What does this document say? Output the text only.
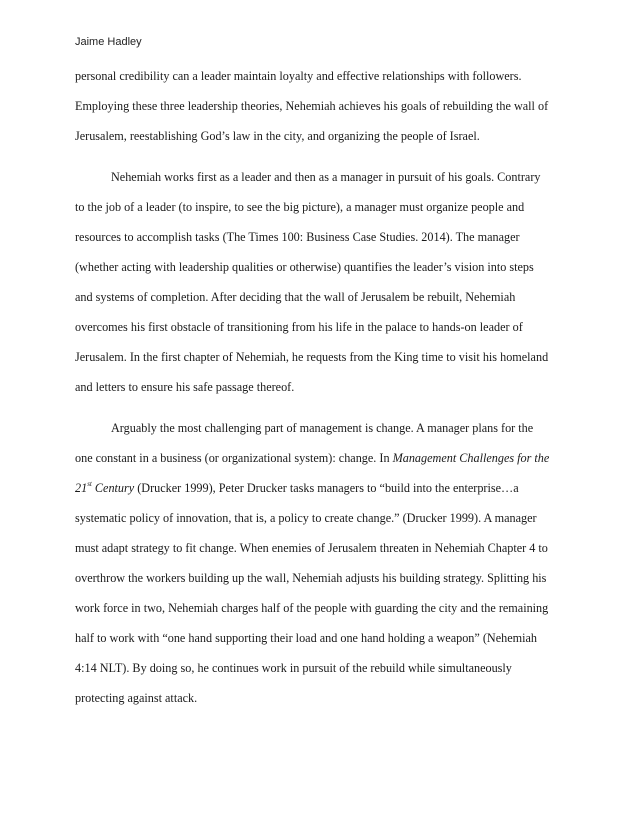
Jaime Hadley
personal credibility can a leader maintain loyalty and effective relationships with followers.
Employing these three leadership theories, Nehemiah achieves his goals of rebuilding the wall of
Jerusalem, reestablishing God’s law in the city, and organizing the people of Israel.
Nehemiah works first as a leader and then as a manager in pursuit of his goals. Contrary
to the job of a leader (to inspire, to see the big picture), a manager must organize people and
resources to accomplish tasks (The Times 100: Business Case Studies. 2014). The manager
(whether acting with leadership qualities or otherwise) quantifies the leader’s vision into steps
and systems of completion. After deciding that the wall of Jerusalem be rebuilt, Nehemiah
overcomes his first obstacle of transitioning from his life in the palace to hands-on leader of
Jerusalem. In the first chapter of Nehemiah, he requests from the King time to visit his homeland
and letters to ensure his safe passage thereof.
Arguably the most challenging part of management is change. A manager plans for the
one constant in a business (or organizational system): change. In Management Challenges for the
21st Century (Drucker 1999), Peter Drucker tasks managers to “build into the enterprise…a
systematic policy of innovation, that is, a policy to create change.” (Drucker 1999). A manager
must adapt strategy to fit change. When enemies of Jerusalem threaten in Nehemiah Chapter 4 to
overthrow the workers building up the wall, Nehemiah adjusts his building strategy. Splitting his
work force in two, Nehemiah charges half of the people with guarding the city and the remaining
half to work with “one hand supporting their load and one hand holding a weapon” (Nehemiah
4:14 NLT). By doing so, he continues work in pursuit of the rebuild while simultaneously
protecting against attack.
